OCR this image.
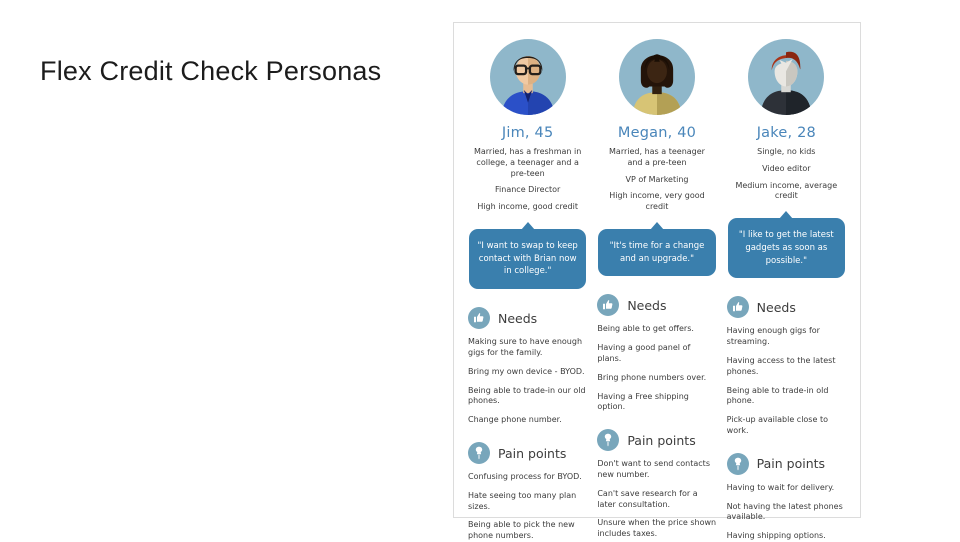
Flex Credit Check Personas
Jim, 45

Married, has a freshman in college, a teenager and a pre-teen

Finance Director

High income, good credit

"I want to swap to keep contact with Brian now in college."
Needs

Making sure to have enough gigs for the family.

Bring my own device - BYOD.

Being able to trade-in our old phones.

Change phone number.

Pain points

Confusing process for BYOD.

Hate seeing too many plan sizes.

Being able to pick the new phone numbers.

Megan, 40

Married, has a teenager and a pre-teen

VP of Marketing

High income, very good credit

"It's time for a change and an upgrade."
Needs

Being able to get offers.

Having a good panel of plans.

Bring phone numbers over.

Having a Free shipping option.

Pain points

Don't want to send contacts new number.

Can't save research for a later consultation.

Unsure when the price shown includes taxes.

Jake, 28

Single, no kids

Video editor

Medium income, average credit

"I like to get the latest gadgets as soon as possible."
Needs

Having enough gigs for streaming.

Having access to the latest phones.

Being able to trade-in old phone.

Pick-up available close to work.

Pain points

Having to wait for delivery.

Not having the latest phones available.

Having shipping options.
